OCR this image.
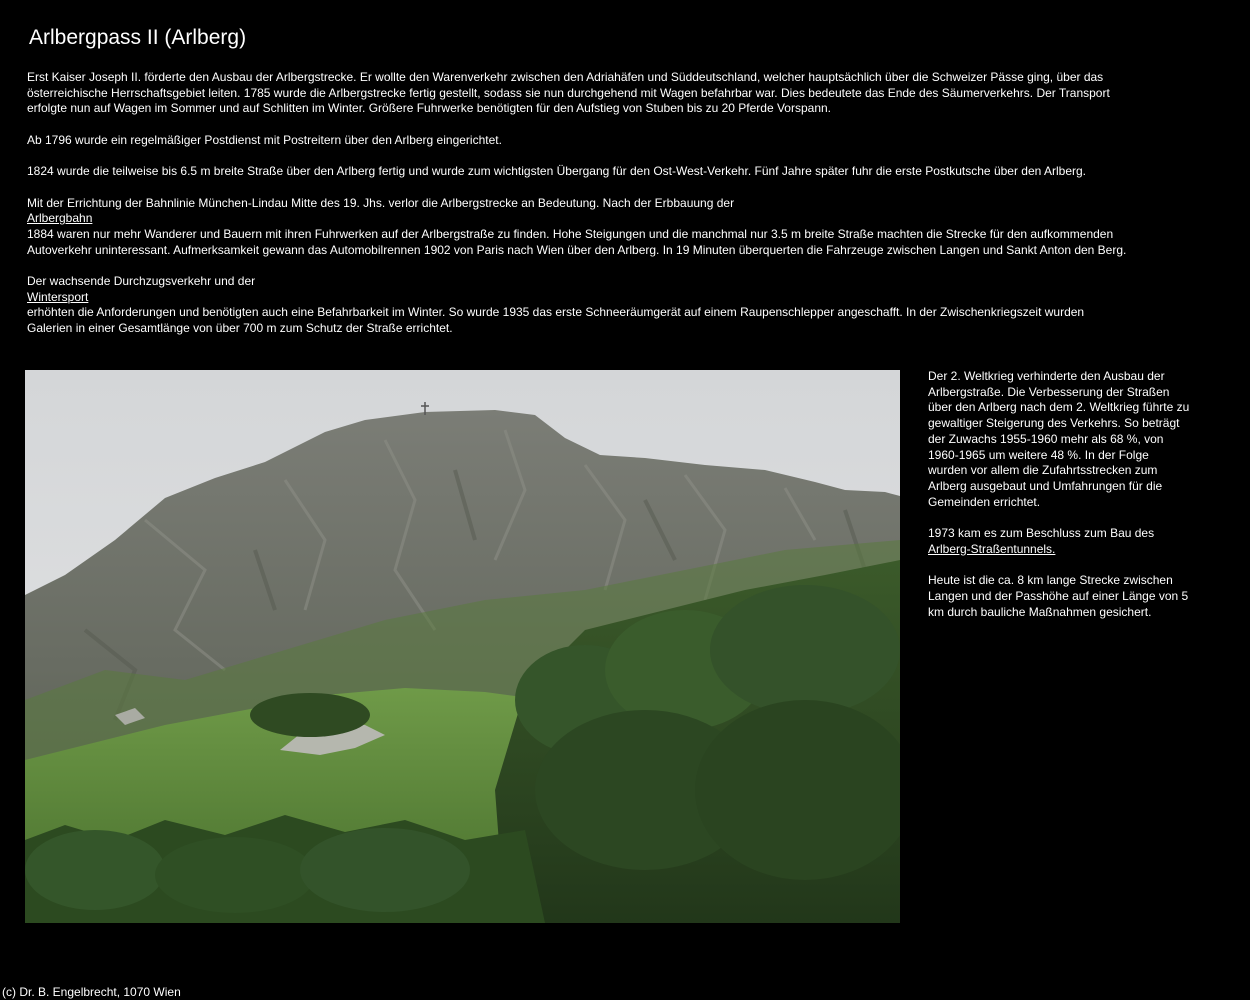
Arlbergpass II (Arlberg)

Erst Kaiser Joseph II. förderte den Ausbau der Arlbergstrecke. Er wollte den Warenverkehr zwischen den Adriahäfen und Süddeutschland, welcher hauptsächlich über die Schweizer Pässe ging, über das österreichische Herrschaftsgebiet leiten. 1785 wurde die Arlbergstrecke fertig gestellt, sodass sie nun durchgehend mit Wagen befahrbar war. Dies bedeutete das Ende des Säumerverkehrs. Der Transport erfolgte nun auf Wagen im Sommer und auf Schlitten im Winter. Größere Fuhrwerke benötigten für den Aufstieg von Stuben bis zu 20 Pferde Vorspann.

Ab 1796 wurde ein regelmäßiger Postdienst mit Postreitern über den Arlberg eingerichtet.

1824 wurde die teilweise bis 6.5 m breite Straße über den Arlberg fertig und wurde zum wichtigsten Übergang für den Ost-West-Verkehr. Fünf Jahre später fuhr die erste Postkutsche über den Arlberg.

Mit der Errichtung der Bahnlinie München-Lindau Mitte des 19. Jhs. verlor die Arlbergstrecke an Bedeutung. Nach der Erbbauung der
Arlbergbahn
1884 waren nur mehr Wanderer und Bauern mit ihren Fuhrwerken auf der Arlbergstraße zu finden. Hohe Steigungen und die manchmal nur 3.5 m breite Straße machten die Strecke für den aufkommenden Autoverkehr uninteressant. Aufmerksamkeit gewann das Automobilrennen 1902 von Paris nach Wien über den Arlberg. In 19 Minuten überquerten die Fahrzeuge zwischen Langen und Sankt Anton den Berg.

Der wachsende Durchzugsverkehr und der
Wintersport
erhöhten die Anforderungen und benötigten auch eine Befahrbarkeit im Winter. So wurde 1935 das erste Schneeräumgerät auf einem Raupenschlepper angeschafft. In der Zwischenkriegszeit wurden Galerien in einer Gesamtlänge von über 700 m zum Schutz der Straße errichtet.

Der 2. Weltkrieg verhinderte den Ausbau der Arlbergstraße. Die Verbesserung der Straßen über den Arlberg nach dem 2. Weltkrieg führte zu gewaltiger Steigerung des Verkehrs. So beträgt der Zuwachs 1955-1960 mehr als 68 %, von 1960-1965 um weitere 48 %. In der Folge wurden vor allem die Zufahrtsstrecken zum Arlberg ausgebaut und Umfahrungen für die Gemeinden errichtet.

1973 kam es zum Beschluss zum Bau des
Arlberg-Straßentunnels.

Heute ist die ca. 8 km lange Strecke zwischen Langen und der Passhöhe auf einer Länge von 5 km durch bauliche Maßnahmen gesichert.

(c) Dr. B. Engelbrecht, 1070 Wien
